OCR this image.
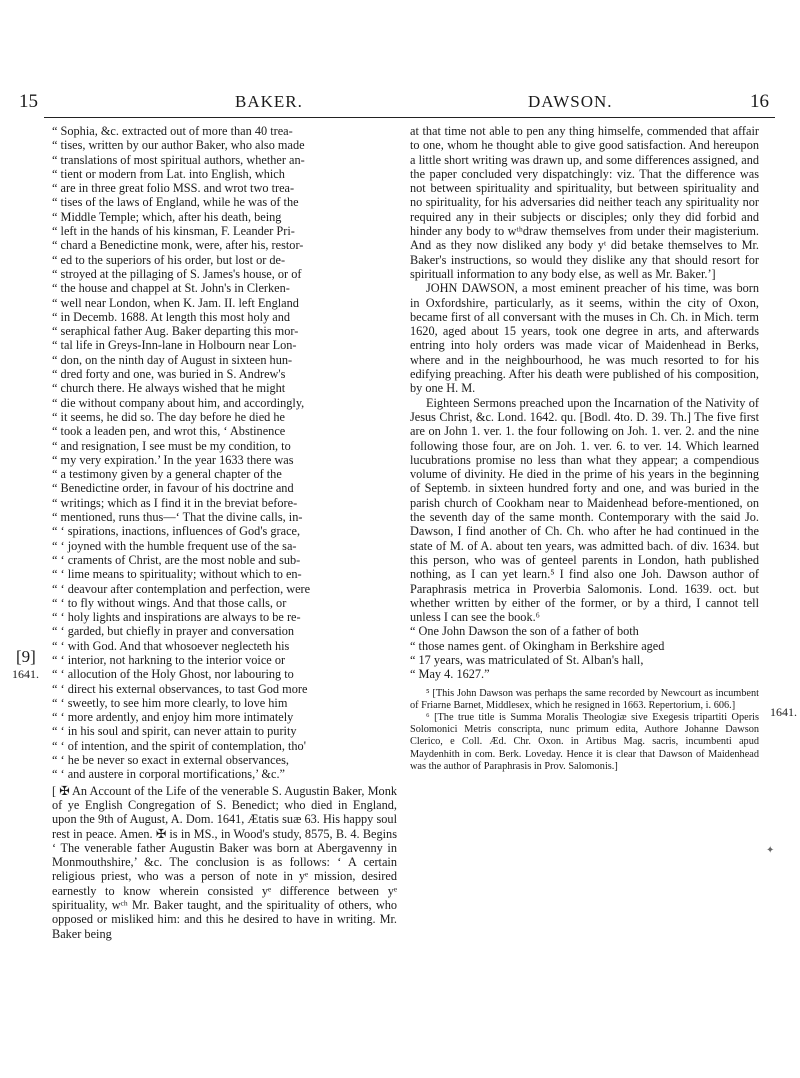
15	BAKER.	DAWSON.	16
[9]
1641.
1641.
✦
“ Sophia, &c. extracted out of more than 40 trea-
“ tises, written by our author Baker, who also made
“ translations of most spiritual authors, whether an-
“ tient or modern from Lat. into English, which
“ are in three great folio MSS. and wrot two trea-
“ tises of the laws of England, while he was of the
“ Middle Temple; which, after his death, being
“ left in the hands of his kinsman, F. Leander Pri-
“ chard a Benedictine monk, were, after his, restor-
“ ed to the superiors of his order, but lost or de-
“ stroyed at the pillaging of S. James's house, or of
“ the house and chappel at St. John's in Clerken-
“ well near London, when K. Jam. II. left England
“ in Decemb. 1688. At length this most holy and
“ seraphical father Aug. Baker departing this mor-
“ tal life in Greys-Inn-lane in Holbourn near Lon-
“ don, on the ninth day of August in sixteen hun-
“ dred forty and one, was buried in S. Andrew's
“ church there. He always wished that he might
“ die without company about him, and accordingly,
“ it seems, he did so. The day before he died he
“ took a leaden pen, and wrot this, ‘ Abstinence
“ and resignation, I see must be my condition, to
“ my very expiration.’ In the year 1633 there was
“ a testimony given by a general chapter of the
“ Benedictine order, in favour of his doctrine and
“ writings; which as I find it in the breviat before-
“ mentioned, runs thus—‘ That the divine calls, in-
“ ‘ spirations, inactions, influences of God's grace,
“ ‘ joyned with the humble frequent use of the sa-
“ ‘ craments of Christ, are the most noble and sub-
“ ‘ lime means to spirituality; without which to en-
“ ‘ deavour after contemplation and perfection, were
“ ‘ to fly without wings. And that those calls, or
“ ‘ holy lights and inspirations are always to be re-
“ ‘ garded, but chiefly in prayer and conversation
“ ‘ with God. And that whosoever neglecteth his
“ ‘ interior, not harkning to the interior voice or
“ ‘ allocution of the Holy Ghost, nor labouring to
“ ‘ direct his external observances, to tast God more
“ ‘ sweetly, to see him more clearly, to love him
“ ‘ more ardently, and enjoy him more intimately
“ ‘ in his soul and spirit, can never attain to purity
“ ‘ of intention, and the spirit of contemplation, tho'
“ ‘ he be never so exact in external observances,
“ ‘ and austere in corporal mortifications,’ &c.”

[ ✠ An Account of the Life of the venerable S. Augustin Baker, Monk of ye English Congregation of S. Benedict; who died in England, upon the 9th of August, A. Dom. 1641, Ætatis suæ 63. His happy soul rest in peace. Amen. ✠ is in MS., in Wood's study, 8575, B. 4. Begins ‘ The venerable father Augustin Baker was born at Abergavenny in Monmouthshire,’ &c. The conclusion is as follows: ‘ A certain religious priest, who was a person of note in yᵉ mission, desired earnestly to know wherein consisted yᵉ difference between yᵉ spirituality, wᶜʰ Mr. Baker taught, and the spirituality of others, who opposed or misliked him: and this he desired to have in writing. Mr. Baker being

at that time not able to pen any thing himselfe, commended that affair to one, whom he thought able to give good satisfaction. And hereupon a little short writing was drawn up, and some differences assigned, and the paper concluded very dispatchingly: viz. That the difference was not between spirituality and spirituality, but between spirituality and no spirituality, for his adversaries did neither teach any spirituality nor required any in their subjects or disciples; only they did forbid and hinder any body to wᵗʰdraw themselves from under their magisterium. And as they now disliked any body yᵗ did betake themselves to Mr. Baker's instructions, so would they dislike any that should resort for spirituall information to any body else, as well as Mr. Baker.’]

JOHN DAWSON, a most eminent preacher of his time, was born in Oxfordshire, particularly, as it seems, within the city of Oxon, became first of all conversant with the muses in Ch. Ch. in Mich. term 1620, aged about 15 years, took one degree in arts, and afterwards entring into holy orders was made vicar of Maidenhead in Berks, where and in the neighbourhood, he was much resorted to for his edifying preaching. After his death were published of his composition, by one H. M.

Eighteen Sermons preached upon the Incarnation of the Nativity of Jesus Christ, &c. Lond. 1642. qu. [Bodl. 4to. D. 39. Th.] The five first are on John 1. ver. 1. the four following on Joh. 1. ver. 2. and the nine following those four, are on Joh. 1. ver. 6. to ver. 14. Which learned lucubrations promise no less than what they appear; a compendious volume of divinity. He died in the prime of his years in the beginning of Septemb. in sixteen hundred forty and one, and was buried in the parish church of Cookham near to Maidenhead before-mentioned, on the seventh day of the same month. Contemporary with the said Jo. Dawson, I find another of Ch. Ch. who after he had continued in the state of M. of A. about ten years, was admitted bach. of div. 1634. but this person, who was of genteel parents in London, hath published nothing, as I can yet learn.⁵ I find also one Joh. Dawson author of Paraphrasis metrica in Proverbia Salomonis. Lond. 1639. oct. but whether written by either of the former, or by a third, I cannot tell unless I can see the book.⁶

“ One John Dawson the son of a father of both
“ those names gent. of Okingham in Berkshire aged
“ 17 years, was matriculated of St. Alban's hall,
“ May 4. 1627.”

⁵ [This John Dawson was perhaps the same recorded by Newcourt as incumbent of Friarne Barnet, Middlesex, which he resigned in 1663. Repertorium, i. 606.]

⁶ [The true title is Summa Moralis Theologiæ sive Exegesis tripartiti Operis Solomonici Metris conscripta, nunc primum edita, Authore Johanne Dawson Clerico, e Coll. Æd. Chr. Oxon. in Artibus Mag. sacris, incumbenti apud Maydenhith in com. Berk. Loveday. Hence it is clear that Dawson of Maidenhead was the author of Paraphrasis in Prov. Salomonis.]
